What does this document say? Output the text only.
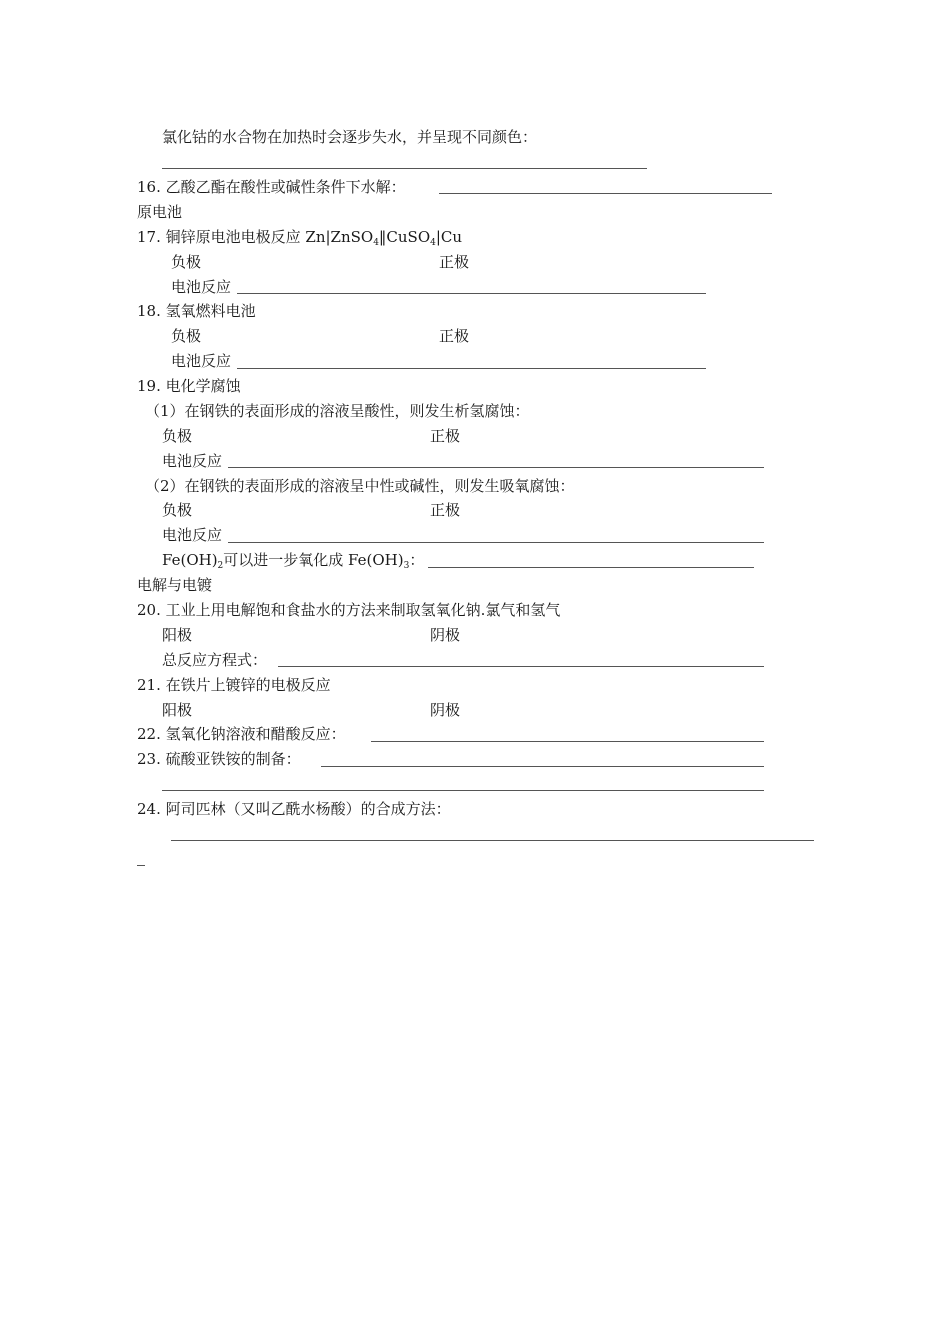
氯化钴的水合物在加热时会逐步失水，并呈现不同颜色：
16. 乙酸乙酯在酸性或碱性条件下水解：
原电池
17. 铜锌原电池电极反应 Zn|ZnSO$_4$‖CuSO$_4$|Cu
负极	正极
电池反应
18. 氢氧燃料电池
负极	正极
电池反应
19. 电化学腐蚀
（1）在钢铁的表面形成的溶液呈酸性，则发生析氢腐蚀：
负极	正极
电池反应
（2）在钢铁的表面形成的溶液呈中性或碱性，则发生吸氧腐蚀：
负极	正极
电池反应
$Fe(OH)_2$可以进一步氧化成 $Fe(OH)_3$：
电解与电镀
20. 工业上用电解饱和食盐水的方法来制取氢氧化钠.氯气和氢气
阳极	阴极
总反应方程式：
21. 在铁片上镀锌的电极反应
阳极	阴极
22. 氢氧化钠溶液和醋酸反应：
23. 硫酸亚铁铵的制备：
24. 阿司匹林（又叫乙酰水杨酸）的合成方法：
